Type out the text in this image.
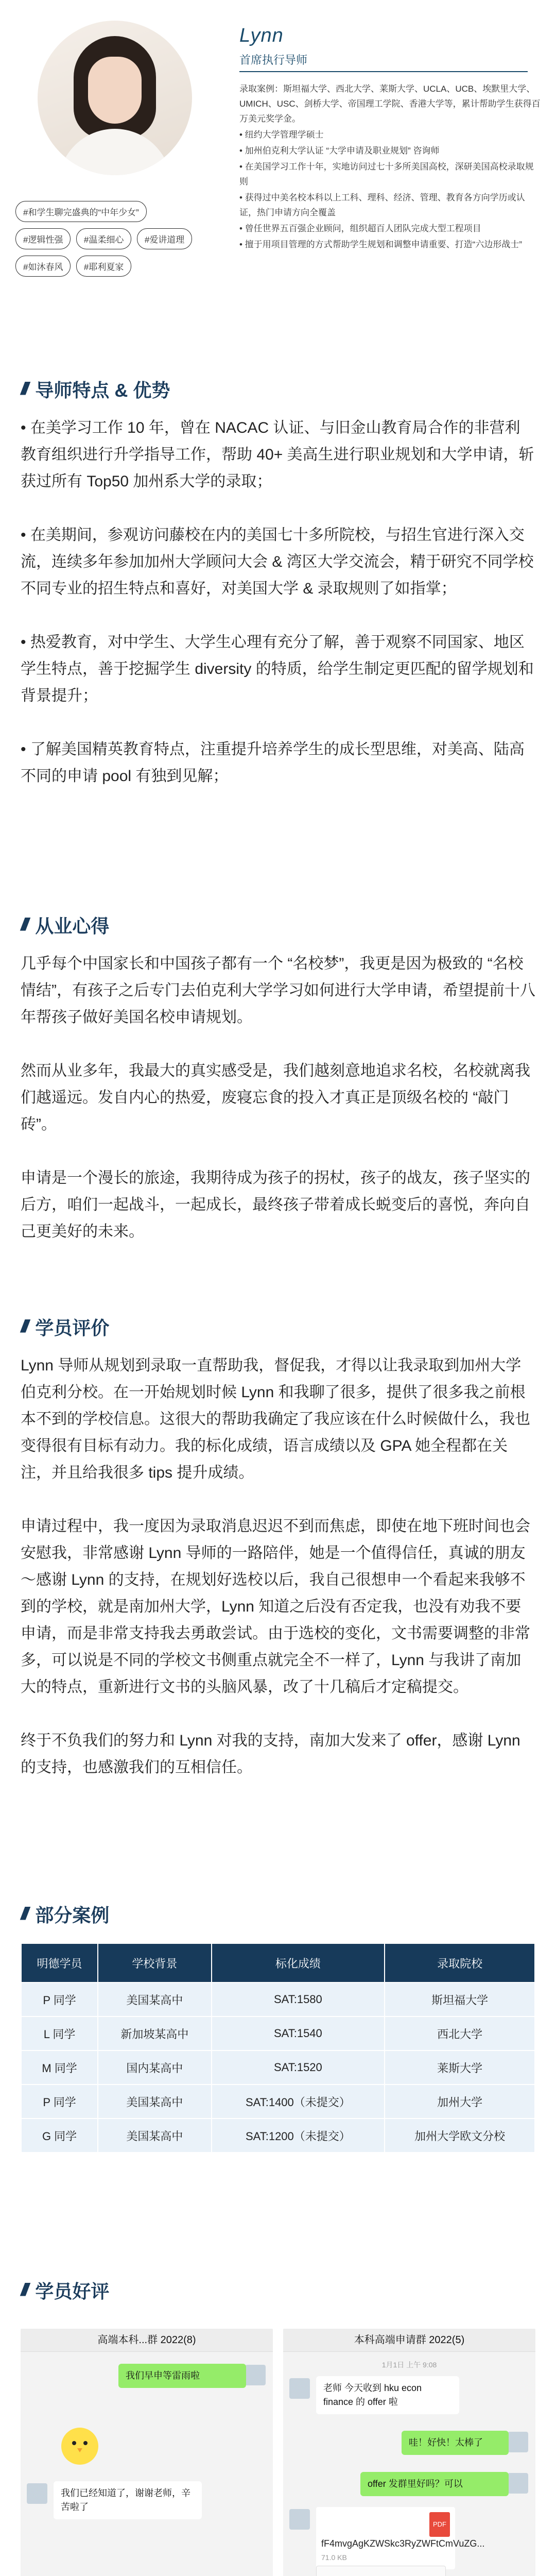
#和学生聊完盛典的“中年少女” #逻辑性强 #温柔细心 #爱讲道理 #如沐春风 #耶利夏家
Lynn
首席执行导师

录取案例：斯坦福大学、西北大学、莱斯大学、UCLA、UCB、埃默里大学、UMICH、USC、剑桥大学、帝国理工学院、香港大学等，累计帮助学生获得百万美元奖学金。

• 纽约大学管理学硕士

• 加州伯克利大学认证 “大学申请及职业规划” 咨询师

• 在美国学习工作十年，实地访问过七十多所美国高校，深研美国高校录取规则

• 获得过中美名校本科以上工科、理科、经济、管理、教育各方向学历或认证，热门申请方向全覆盖

• 曾任世界五百强企业顾问，组织超百人团队完成大型工程项目

• 擅于用项目管理的方式帮助学生规划和调整申请重要、打造“六边形战士”

/// 导师特点 & 优势

• 在美学习工作 10 年，曾在 NACAC 认证、与旧金山教育局合作的非营利教育组织进行升学指导工作，帮助 40+ 美高生进行职业规划和大学申请，斩获过所有 Top50 加州系大学的录取；

• 在美期间，参观访问藤校在内的美国七十多所院校，与招生官进行深入交流，连续多年参加加州大学顾问大会 & 湾区大学交流会，精于研究不同学校不同专业的招生特点和喜好，对美国大学 & 录取规则了如指掌；

• 热爱教育，对中学生、大学生心理有充分了解，善于观察不同国家、地区学生特点，善于挖掘学生 diversity 的特质，给学生制定更匹配的留学规划和背景提升；

• 了解美国精英教育特点，注重提升培养学生的成长型思维，对美高、陆高不同的申请 pool 有独到见解；

/// 从业心得

几乎每个中国家长和中国孩子都有一个 “名校梦”，我更是因为极致的 “名校情结”，有孩子之后专门去伯克利大学学习如何进行大学申请，希望提前十八年帮孩子做好美国名校申请规划。

然而从业多年，我最大的真实感受是，我们越刻意地追求名校，名校就离我们越遥远。发自内心的热爱，废寝忘食的投入才真正是顶级名校的 “敲门砖”。

申请是一个漫长的旅途，我期待成为孩子的拐杖，孩子的战友，孩子坚实的后方，咱们一起战斗，一起成长，最终孩子带着成长蜕变后的喜悦，奔向自己更美好的未来。

/// 学员评价

Lynn 导师从规划到录取一直帮助我，督促我，才得以让我录取到加州大学伯克利分校。在一开始规划时候 Lynn 和我聊了很多，提供了很多我之前根本不到的学校信息。这很大的帮助我确定了我应该在什么时候做什么，我也变得很有目标有动力。我的标化成绩，语言成绩以及 GPA 她全程都在关注，并且给我很多 tips 提升成绩。

申请过程中，我一度因为录取消息迟迟不到而焦虑，即使在地下班时间也会安慰我，非常感谢 Lynn 导师的一路陪伴，她是一个值得信任，真诚的朋友～感谢 Lynn 的支持，在规划好选校以后，我自己很想申一个看起来我够不到的学校，就是南加州大学，Lynn 知道之后没有否定我，也没有劝我不要申请，而是非常支持我去勇敢尝试。由于选校的变化，文书需要调整的非常多，可以说是不同的学校文书侧重点就完全不一样了，Lynn 与我讲了南加大的特点，重新进行文书的头脑风暴，改了十几稿后才定稿提交。

终于不负我们的努力和 Lynn 对我的支持，南加大发来了 offer，感谢 Lynn 的支持，也感激我们的互相信任。

/// 部分案例
明德学员	学校背景	标化成绩	录取院校
P 同学	美国某高中	SAT:1580	斯坦福大学
L 同学	新加坡某高中	SAT:1540	西北大学
M 同学	国内某高中	SAT:1520	莱斯大学
P 同学	美国某高中	SAT:1400（未提交）	加州大学
G 同学	美国某高中	SAT:1200（未提交）	加州大学欧文分校
/// 学员好评
高端本科...群 2022(8)
我们早申等雷雨啦
我们已经知道了，谢谢老师，辛苦啦了
本科高端申请群 2022(5)
1月1日 上午 9:08
老师 今天收到 hku econ finance 的 offer 啦
哇！好快！太棒了
offer 发群里好吗？可以
PDF
fF4mvgAgKZWSkc3RyZWFtCmVuZG...
71.0 KB
